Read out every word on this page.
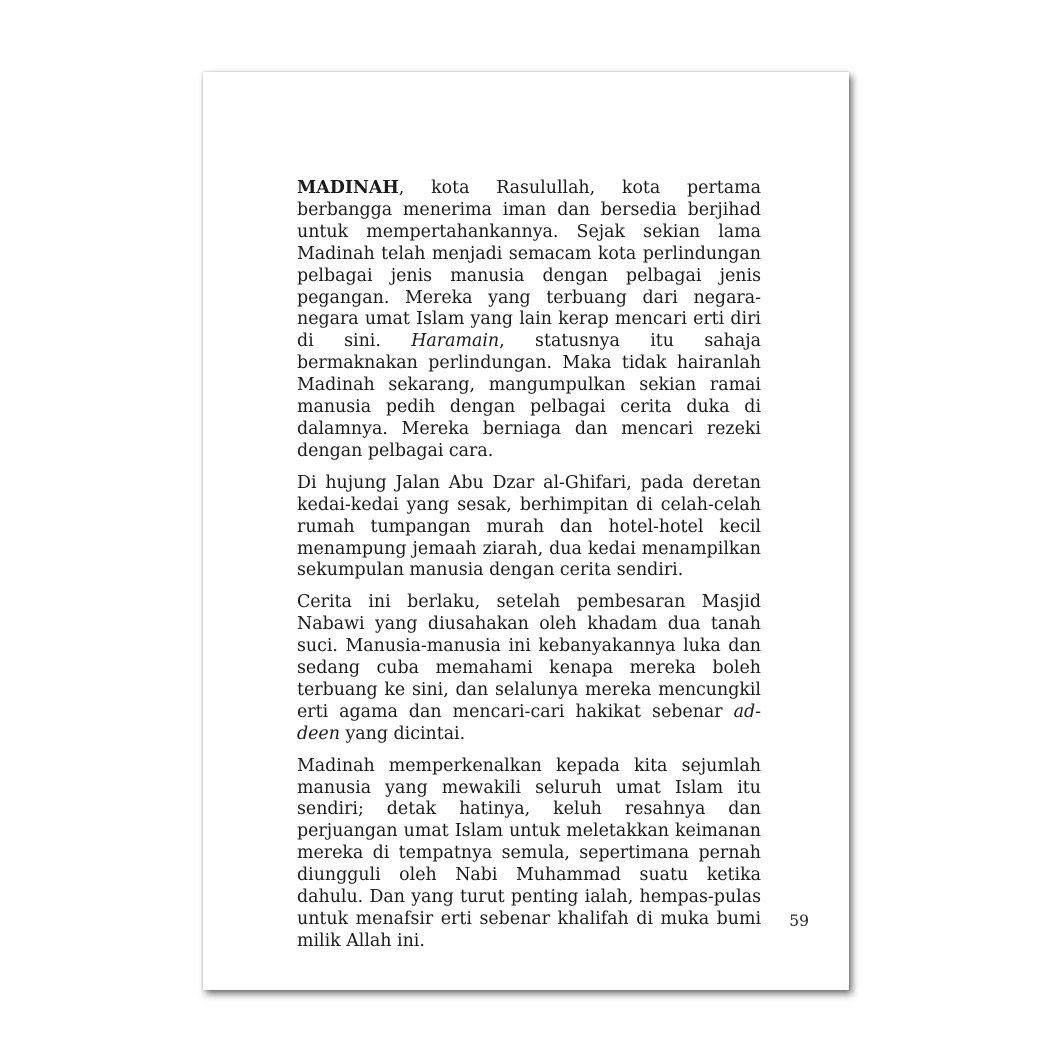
MADINAH, kota Rasulullah, kota pertama berbangga menerima iman dan bersedia berjihad untuk mempertahankannya. Sejak sekian lama Madinah telah menjadi semacam kota perlindungan pelbagai jenis manusia dengan pelbagai jenis pegangan. Mereka yang terbuang dari negara-negara umat Islam yang lain kerap mencari erti diri di sini. Haramain, statusnya itu sahaja bermaknakan perlindungan. Maka tidak hairanlah Madinah sekarang, mangumpulkan sekian ramai manusia pedih dengan pelbagai cerita duka di dalamnya. Mereka berniaga dan mencari rezeki dengan pelbagai cara.

Di hujung Jalan Abu Dzar al-Ghifari, pada deretan kedai-kedai yang sesak, berhimpitan di celah-celah rumah tumpangan murah dan hotel-hotel kecil menampung jemaah ziarah, dua kedai menampilkan sekumpulan manusia dengan cerita sendiri.

Cerita ini berlaku, setelah pembesaran Masjid Nabawi yang diusahakan oleh khadam dua tanah suci. Manusia-manusia ini kebanyakannya luka dan sedang cuba memahami kenapa mereka boleh terbuang ke sini, dan selalunya mereka mencungkil erti agama dan mencari-cari hakikat sebenar ad-deen yang dicintai.

Madinah memperkenalkan kepada kita sejumlah manusia yang mewakili seluruh umat Islam itu sendiri; detak hatinya, keluh resahnya dan perjuangan umat Islam untuk meletakkan keimanan mereka di tempatnya semula, sepertimana pernah diungguli oleh Nabi Muhammad suatu ketika dahulu. Dan yang turut penting ialah, hempas-pulas untuk menafsir erti sebenar khalifah di muka bumi milik Allah ini.

59
